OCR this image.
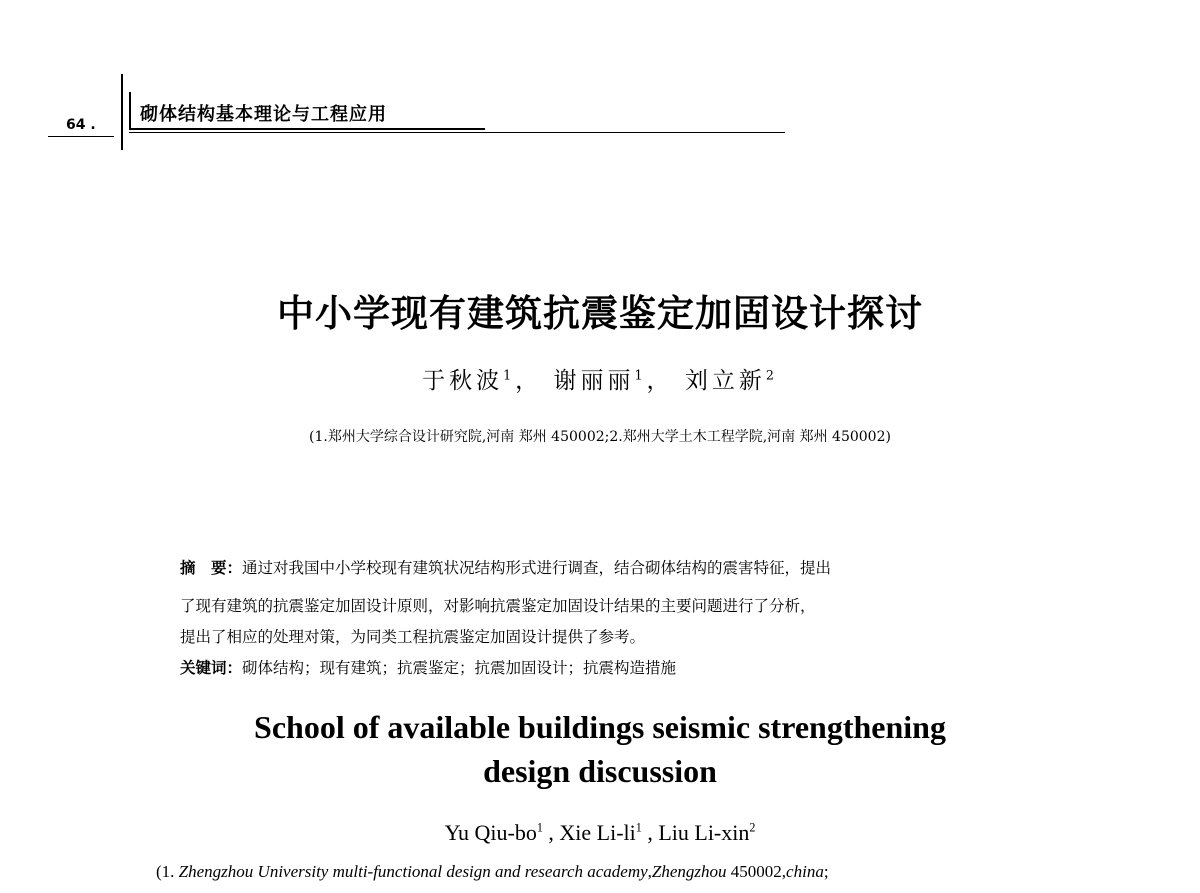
64 . 砌体结构基本理论与工程应用
中小学现有建筑抗震鉴定加固设计探讨
于秋波$^1$， 谢丽丽$^1$， 刘立新$^2$
(1.郑州大学综合设计研究院,河南 郑州 450002;2.郑州大学土木工程学院,河南 郑州 450002)
摘　要：通过对我国中小学校现有建筑状况结构形式进行调查，结合砌体结构的震害特征，提出
了现有建筑的抗震鉴定加固设计原则，对影响抗震鉴定加固设计结果的主要问题进行了分析，
提出了相应的处理对策，为同类工程抗震鉴定加固设计提供了参考。
关键词：砌体结构；现有建筑；抗震鉴定；抗震加固设计；抗震构造措施
School of available buildings seismic strengthening
design discussion
Yu Qiu-$bo^1$ , Xie $Li-li^1$ , Liu Li-xin$^2$
(1. Zhengzhou University multi-functional design and research academy,Zhengzhou 450002,china;
